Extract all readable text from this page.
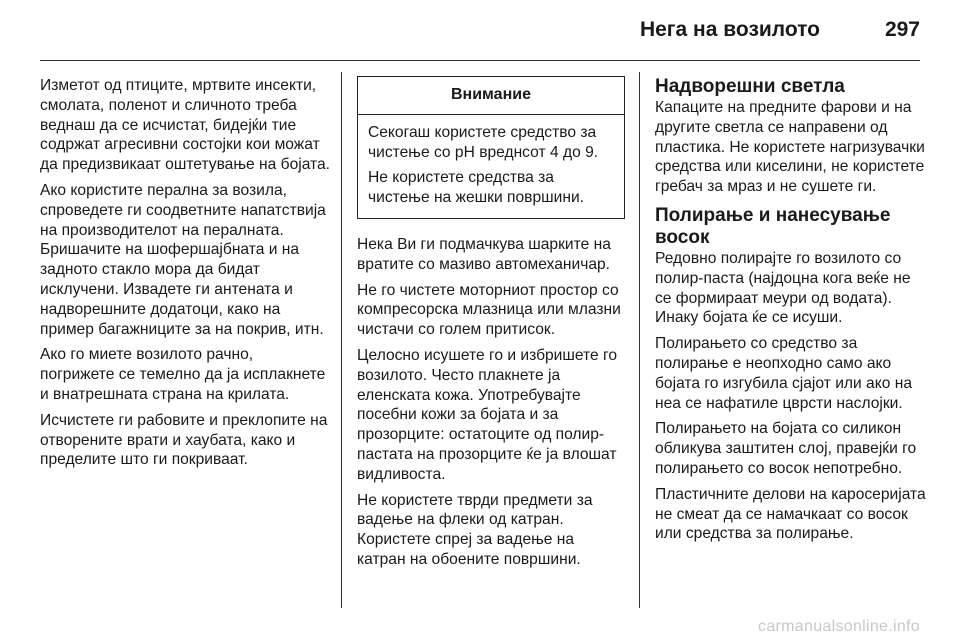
Нега на возилото	297

Изметот од птиците, мртвите инсекти, смолата, поленот и сличното треба веднаш да се исчистат, бидејќи тие содржат агресивни состојки кои можат да предизвикаат оштетување на бојата.

Ако користите перална за возила, спроведете ги соодветните напатствија на производителот на пералната. Бришачите на шофершајбната и на задното стакло мора да бидат исклучени. Извадете ги антената и надворешните додатоци, како на пример багажниците за на покрив, итн.

Ако го миете возилото рачно, погрижете се темелно да ја исплакнете и внатрешната страна на крилата.

Исчистете ги рабовите и преклопите на отворените врати и хаубата, како и пределите што ги покриваат.

Внимание

Секогаш користете средство за чистење со pH вреднсот 4 до 9.

Не користете средства за чистење на жешки површини.

Нека Ви ги подмачкува шарките на вратите со мазиво автомеханичар.

Не го чистете моторниот простор со компресорска млазница или млазни чистачи со голем притисок.

Целосно исушете го и избришете го возилото. Често плакнете ја еленската кожа. Употребувајте посебни кожи за бојата и за прозорците: остатоците од полир-пастата на прозорците ќе ја влошат видливоста.

Не користете тврди предмети за вадење на флеки од катран. Користете спреј за вадење на катран на обоените површини.

Надворешни светла

Капаците на предните фарови и на другите светла се направени од пластика. Не користете нагризувачки средства или киселини, не користете гребач за мраз и не сушете ги.

Полирање и нанесување восок

Редовно полирајте го возилото со полир-паста (најдоцна кога веќе не се формираат меури од водата). Инаку бојата ќе се исуши.

Полирањето со средство за полирање е неопходно само ако бојата го изгубила сјајот или ако на неа се нафатиле цврсти наслојки.

Полирањето на бојата со силикон обликува заштитен слој, правејќи го полирањето со восок непотребно.

Пластичните делови на каросеријата не смеат да се намачкаат со восок или средства за полирање.

carmanualsonline.info
